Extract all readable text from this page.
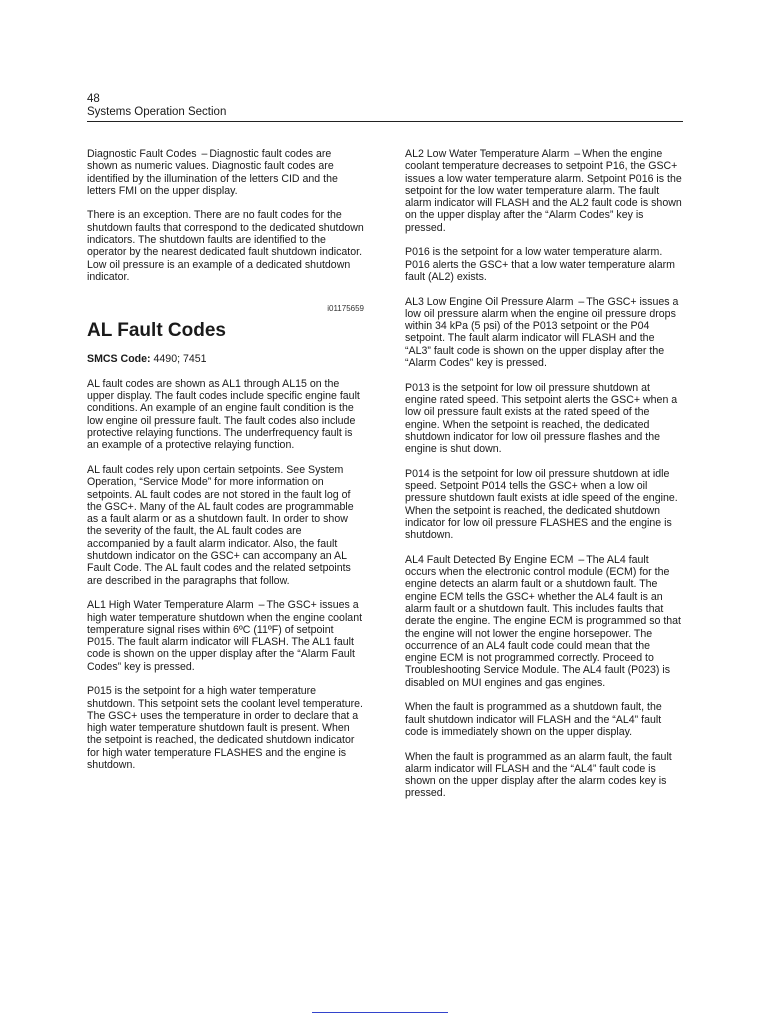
48
Systems Operation Section

Diagnostic Fault Codes – Diagnostic fault codes are shown as numeric values. Diagnostic fault codes are identified by the illumination of the letters CID and the letters FMI on the upper display.

There is an exception. There are no fault codes for the shutdown faults that correspond to the dedicated shutdown indicators. The shutdown faults are identified to the operator by the nearest dedicated fault shutdown indicator. Low oil pressure is an example of a dedicated shutdown indicator.

i01175659
AL Fault Codes

SMCS Code: 4490; 7451

AL fault codes are shown as AL1 through AL15 on the upper display. The fault codes include specific engine fault conditions. An example of an engine fault condition is the low engine oil pressure fault. The fault codes also include protective relaying functions. The underfrequency fault is an example of a protective relaying function.

AL fault codes rely upon certain setpoints. See System Operation, “Service Mode” for more information on setpoints. AL fault codes are not stored in the fault log of the GSC+. Many of the AL fault codes are programmable as a fault alarm or as a shutdown fault. In order to show the severity of the fault, the AL fault codes are accompanied by a fault alarm indicator. Also, the fault shutdown indicator on the GSC+ can accompany an AL Fault Code. The AL fault codes and the related setpoints are described in the paragraphs that follow.

AL1 High Water Temperature Alarm – The GSC+ issues a high water temperature shutdown when the engine coolant temperature signal rises within 6ºC (11ºF) of setpoint P015. The fault alarm indicator will FLASH. The AL1 fault code is shown on the upper display after the “Alarm Fault Codes” key is pressed.

P015 is the setpoint for a high water temperature shutdown. This setpoint sets the coolant level temperature. The GSC+ uses the temperature in order to declare that a high water temperature shutdown fault is present. When the setpoint is reached, the dedicated shutdown indicator for high water temperature FLASHES and the engine is shutdown.

AL2 Low Water Temperature Alarm – When the engine coolant temperature decreases to setpoint P16, the GSC+ issues a low water temperature alarm. Setpoint P016 is the setpoint for the low water temperature alarm. The fault alarm indicator will FLASH and the AL2 fault code is shown on the upper display after the “Alarm Codes” key is pressed.

P016 is the setpoint for a low water temperature alarm. P016 alerts the GSC+ that a low water temperature alarm fault (AL2) exists.

AL3 Low Engine Oil Pressure Alarm – The GSC+ issues a low oil pressure alarm when the engine oil pressure drops within 34 kPa (5 psi) of the P013 setpoint or the P04 setpoint. The fault alarm indicator will FLASH and the “AL3” fault code is shown on the upper display after the “Alarm Codes” key is pressed.

P013 is the setpoint for low oil pressure shutdown at engine rated speed. This setpoint alerts the GSC+ when a low oil pressure fault exists at the rated speed of the engine. When the setpoint is reached, the dedicated shutdown indicator for low oil pressure flashes and the engine is shut down.

P014 is the setpoint for low oil pressure shutdown at idle speed. Setpoint P014 tells the GSC+ when a low oil pressure shutdown fault exists at idle speed of the engine. When the setpoint is reached, the dedicated shutdown indicator for low oil pressure FLASHES and the engine is shutdown.

AL4 Fault Detected By Engine ECM – The AL4 fault occurs when the electronic control module (ECM) for the engine detects an alarm fault or a shutdown fault. The engine ECM tells the GSC+ whether the AL4 fault is an alarm fault or a shutdown fault. This includes faults that derate the engine. The engine ECM is programmed so that the engine will not lower the engine horsepower. The occurrence of an AL4 fault code could mean that the engine ECM is not programmed correctly. Proceed to Troubleshooting Service Module. The AL4 fault (P023) is disabled on MUI engines and gas engines.

When the fault is programmed as a shutdown fault, the fault shutdown indicator will FLASH and the “AL4” fault code is immediately shown on the upper display.

When the fault is programmed as an alarm fault, the fault alarm indicator will FLASH and the “AL4” fault code is shown on the upper display after the alarm codes key is pressed.
